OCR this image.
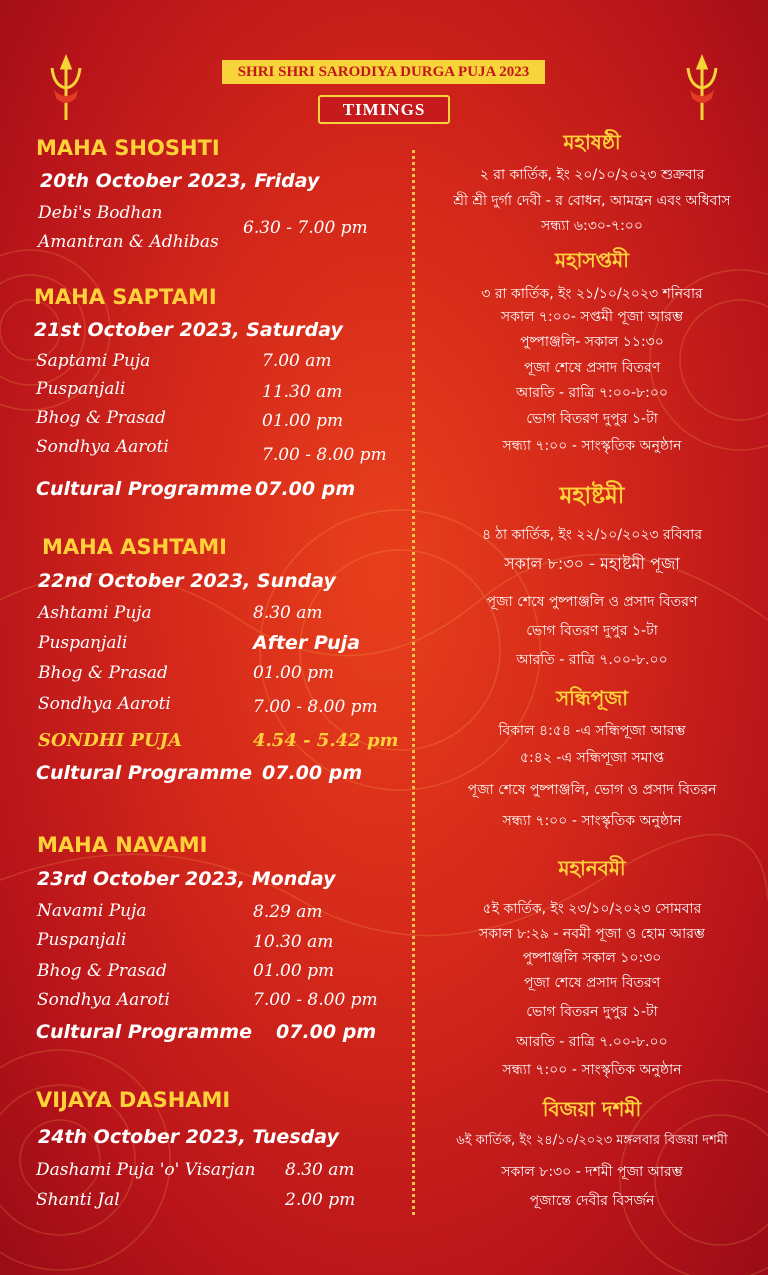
SHRI SHRI SARODIYA DURGA PUJA 2023
TIMINGS
MAHA SHOSHTI
20th October 2023, Friday
Debi's Bodhan
Amantran & Adhibas
6.30 - 7.00 pm
MAHA SAPTAMI
21st October 2023, Saturday
Saptami Puja	7.00 am
Puspanjali	11.30 am
Bhog & Prasad	01.00 pm
Sondhya Aaroti	7.00 - 8.00 pm
Cultural Programme 07.00 pm
MAHA ASHTAMI
22nd October 2023, Sunday
Ashtami Puja	8.30 am
Puspanjali	After Puja
Bhog & Prasad	01.00 pm
Sondhya Aaroti	7.00 - 8.00 pm
SONDHI PUJA	4.54 - 5.42 pm
Cultural Programme 07.00 pm
MAHA NAVAMI
23rd October 2023, Monday
Navami Puja	8.29 am
Puspanjali	10.30 am
Bhog & Prasad	01.00 pm
Sondhya Aaroti	7.00 - 8.00 pm
Cultural Programme 07.00 pm
VIJAYA DASHAMI
24th October 2023, Tuesday
Dashami Puja 'o' Visarjan 8.30 am
Shanti Jal	2.00 pm
মহাষষ্ঠী
২ রা কার্তিক, ইং ২০/১০/২০২৩ শুক্রবার
শ্রী শ্রী দুর্গা দেবী - র বোধন, আমন্ত্রন এবং অধিবাস
সন্ধ্যা ৬:৩০-৭:০০
মহাসপ্তমী
৩ রা কার্তিক, ইং ২১/১০/২০২৩ শনিবার
সকাল ৭:০০- সপ্তমী পূজা আরম্ভ
পুষ্পাঞ্জলি- সকাল ১১:৩০
পূজা শেষে প্রসাদ বিতরণ
আরতি - রাত্রি ৭:০০-৮:০০
ভোগ বিতরণ দুপুর ১-টা
সন্ধ্যা ৭:০০ - সাংস্কৃতিক অনুষ্ঠান
মহাষ্টমী
৪ ঠা কার্তিক, ইং ২২/১০/২০২৩ রবিবার
সকাল ৮:৩০ - মহাষ্টমী পূজা
পূজা শেষে পুষ্পাঞ্জলি ও প্রসাদ বিতরণ
ভোগ বিতরণ দুপুর ১-টা
আরতি - রাত্রি ৭.০০-৮.০০
সন্ধিপূজা
বিকাল ৪:৫৪ -এ সন্ধিপূজা আরম্ভ
৫:৪২ -এ সন্ধিপূজা সমাপ্ত
পূজা শেষে পুষ্পাঞ্জলি, ভোগ ও প্রসাদ বিতরন
সন্ধ্যা ৭:০০ - সাংস্কৃতিক অনুষ্ঠান
মহানবমী
৫ই কার্তিক, ইং ২৩/১০/২০২৩ সোমবার
সকাল ৮:২৯ - নবমী পূজা ও হোম আরম্ভ
পুষ্পাঞ্জলি সকাল ১০:৩০
পূজা শেষে প্রসাদ বিতরণ
ভোগ বিতরন দুপুর ১-টা
আরতি - রাত্রি ৭.০০-৮.০০
সন্ধ্যা ৭:০০ - সাংস্কৃতিক অনুষ্ঠান
বিজয়া দশমী
৬ই কার্তিক, ইং ২৪/১০/২০২৩ মঙ্গলবার বিজয়া দশমী
সকাল ৮:৩০ - দশমী পূজা আরম্ভ
পূজান্তে দেবীর বিসর্জন
